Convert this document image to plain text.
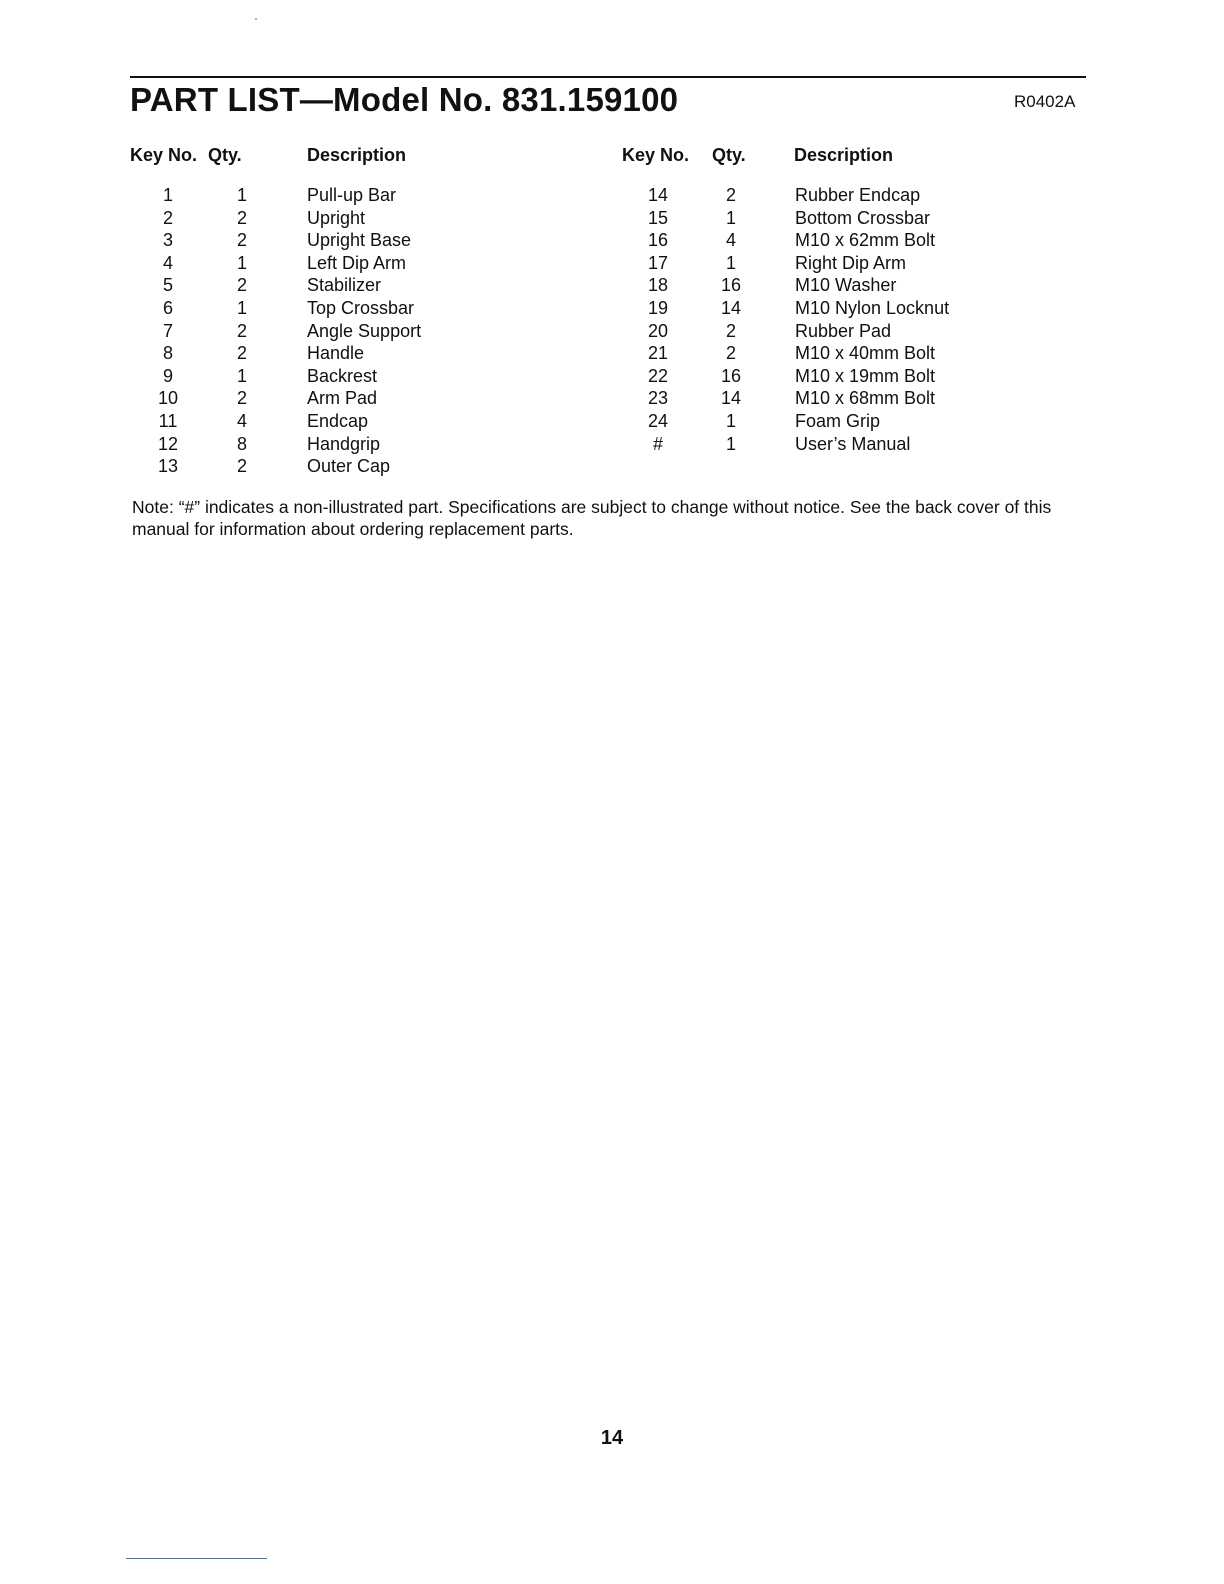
PART LIST—Model No. 831.159100	R0402A
Key No. Qty.	Description
1	1	Pull-up Bar
2	2	Upright
3	2	Upright Base
4	1	Left Dip Arm
5	2	Stabilizer
6	1	Top Crossbar
7	2	Angle Support
8	2	Handle
9	1	Backrest
10	2	Arm Pad
11	4	Endcap
12	8	Handgrip
13	2	Outer Cap
Key No. Qty.	Description
14	2	Rubber Endcap
15	1	Bottom Crossbar
16	4	M10 x 62mm Bolt
17	1	Right Dip Arm
18	16	M10 Washer
19	14	M10 Nylon Locknut
20	2	Rubber Pad
21	2	M10 x 40mm Bolt
22	16	M10 x 19mm Bolt
23	14	M10 x 68mm Bolt
24	1	Foam Grip
#	1	User’s Manual
Note: “#” indicates a non-illustrated part. Specifications are subject to change without notice. See the back cover of this manual for information about ordering replacement parts.
14
